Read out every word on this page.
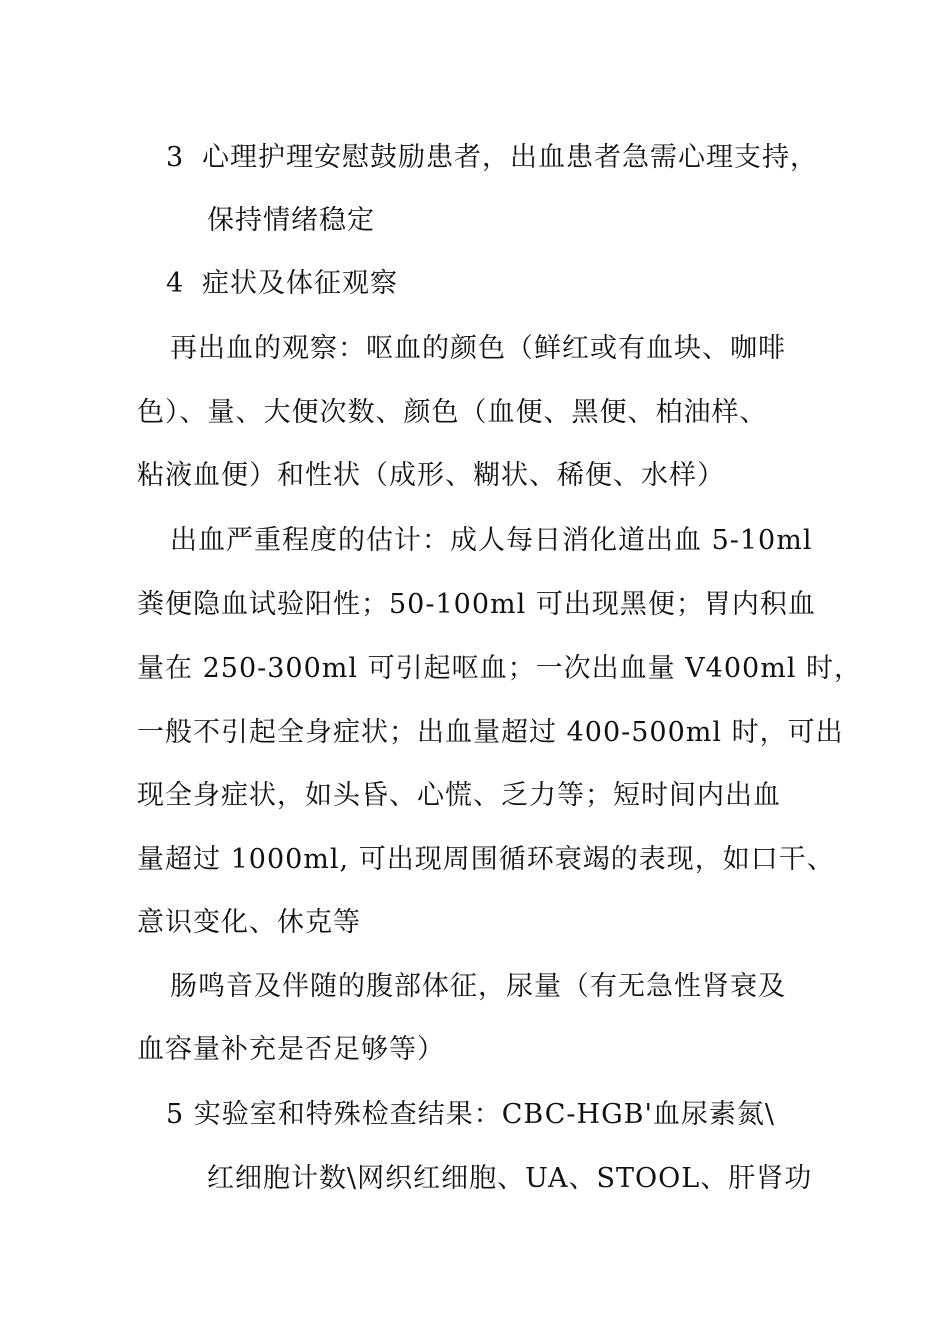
3 心理护理安慰鼓励患者，出血患者急需心理支持，
保持情绪稳定
4 症状及体征观察
再出血的观察：呕血的颜色（鲜红或有血块、咖啡
色）、量、大便次数、颜色（血便、黑便、柏油样、
粘液血便）和性状（成形、糊状、稀便、水样）
出血严重程度的估计：成人每日消化道出血 5-10ml
粪便隐血试验阳性；50-100ml 可出现黑便；胃内积血
量在 250-300ml 可引起呕血；一次出血量 V400ml 时，
一般不引起全身症状；出血量超过 400-500ml 时，可出
现全身症状，如头昏、心慌、乏力等；短时间内出血
量超过 1000ml, 可出现周围循环衰竭的表现，如口干、
意识变化、休克等
肠鸣音及伴随的腹部体征，尿量（有无急性肾衰及
血容量补充是否足够等）
5 实验室和特殊检查结果：CBC-HGB'血尿素氮\
红细胞计数\网织红细胞、UA、STOOL、肝肾功
